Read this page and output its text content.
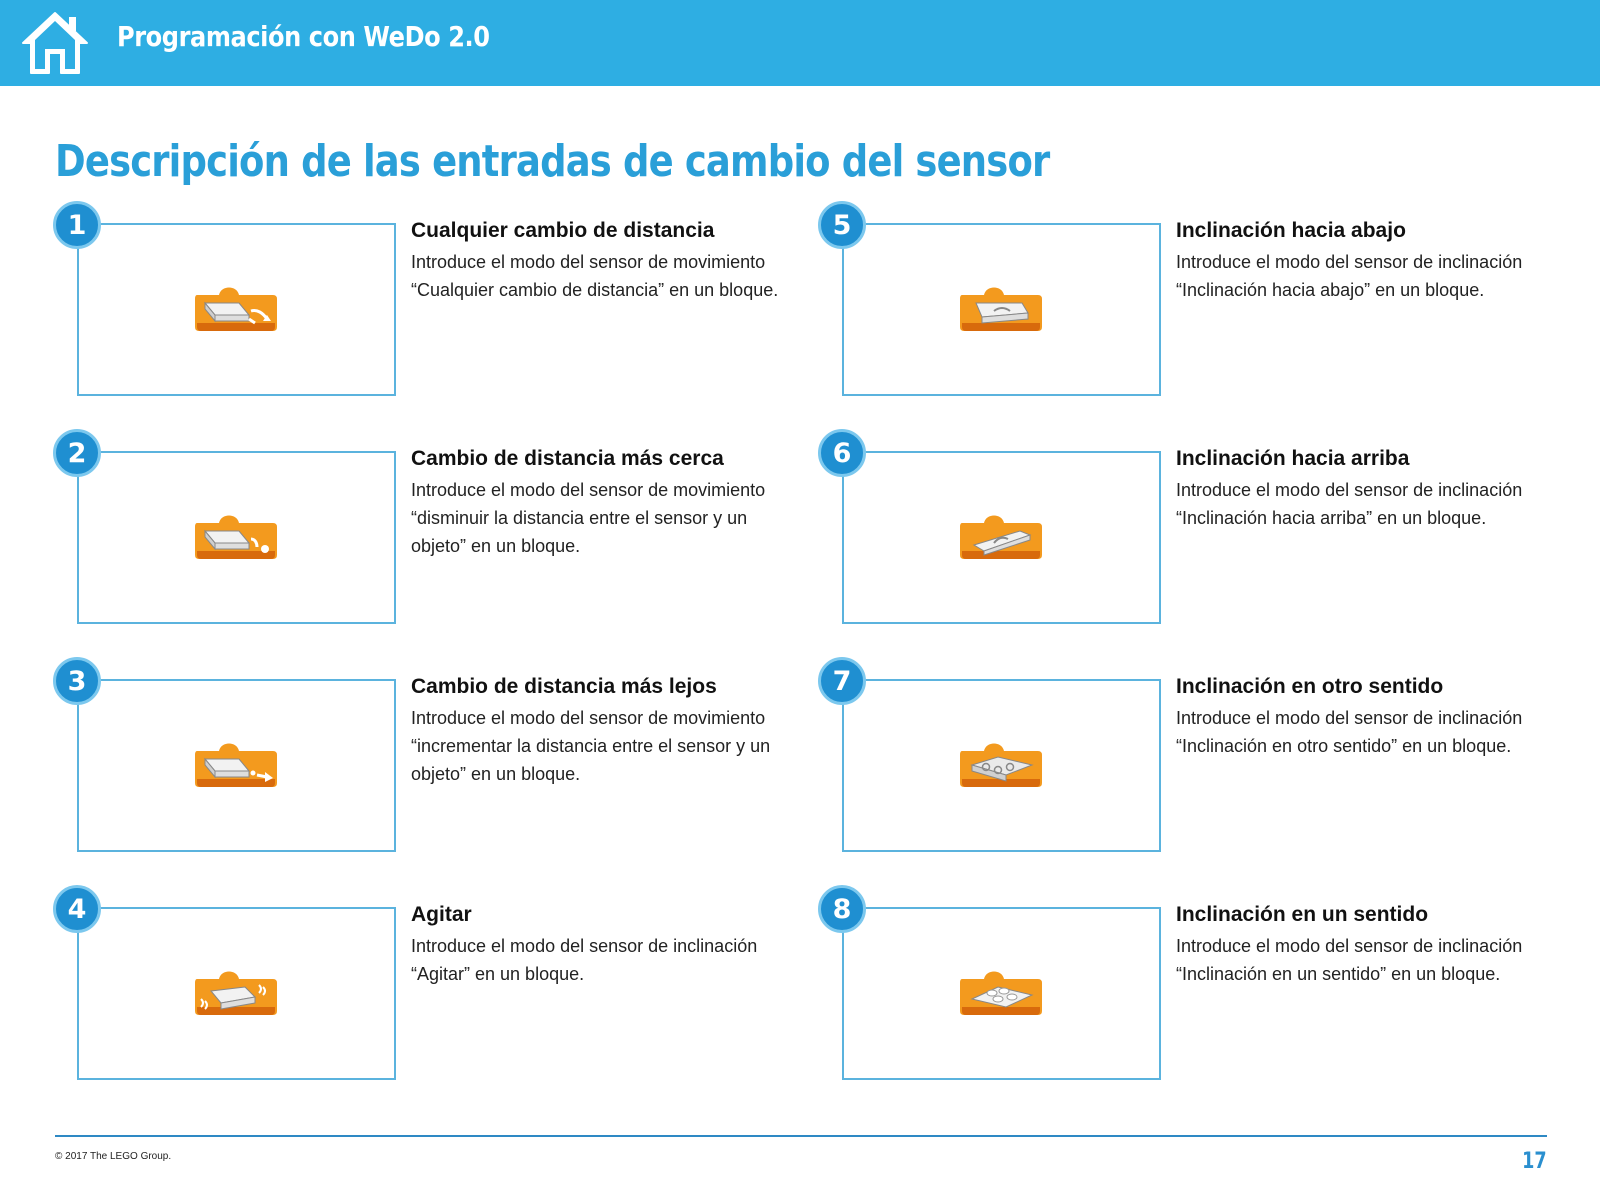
Programación con WeDo 2.0
Descripción de las entradas de cambio del sensor
1	Cualquier cambio de distancia
Introduce el modo del sensor de movimiento “Cualquier cambio de distancia” en un bloque.
2	Cambio de distancia más cerca
Introduce el modo del sensor de movimiento “disminuir la distancia entre el sensor y un objeto” en un bloque.
3	Cambio de distancia más lejos
Introduce el modo del sensor de movimiento “incrementar la distancia entre el sensor y un objeto” en un bloque.
4	Agitar
Introduce el modo del sensor de inclinación “Agitar” en un bloque.
5	Inclinación hacia abajo
Introduce el modo del sensor de inclinación “Inclinación hacia abajo” en un bloque.
6	Inclinación hacia arriba
Introduce el modo del sensor de inclinación “Inclinación hacia arriba” en un bloque.
7	Inclinación en otro sentido
Introduce el modo del sensor de inclinación “Inclinación en otro sentido” en un bloque.
8	Inclinación en un sentido
Introduce el modo del sensor de inclinación “Inclinación en un sentido” en un bloque.
© 2017 The LEGO Group.	17
